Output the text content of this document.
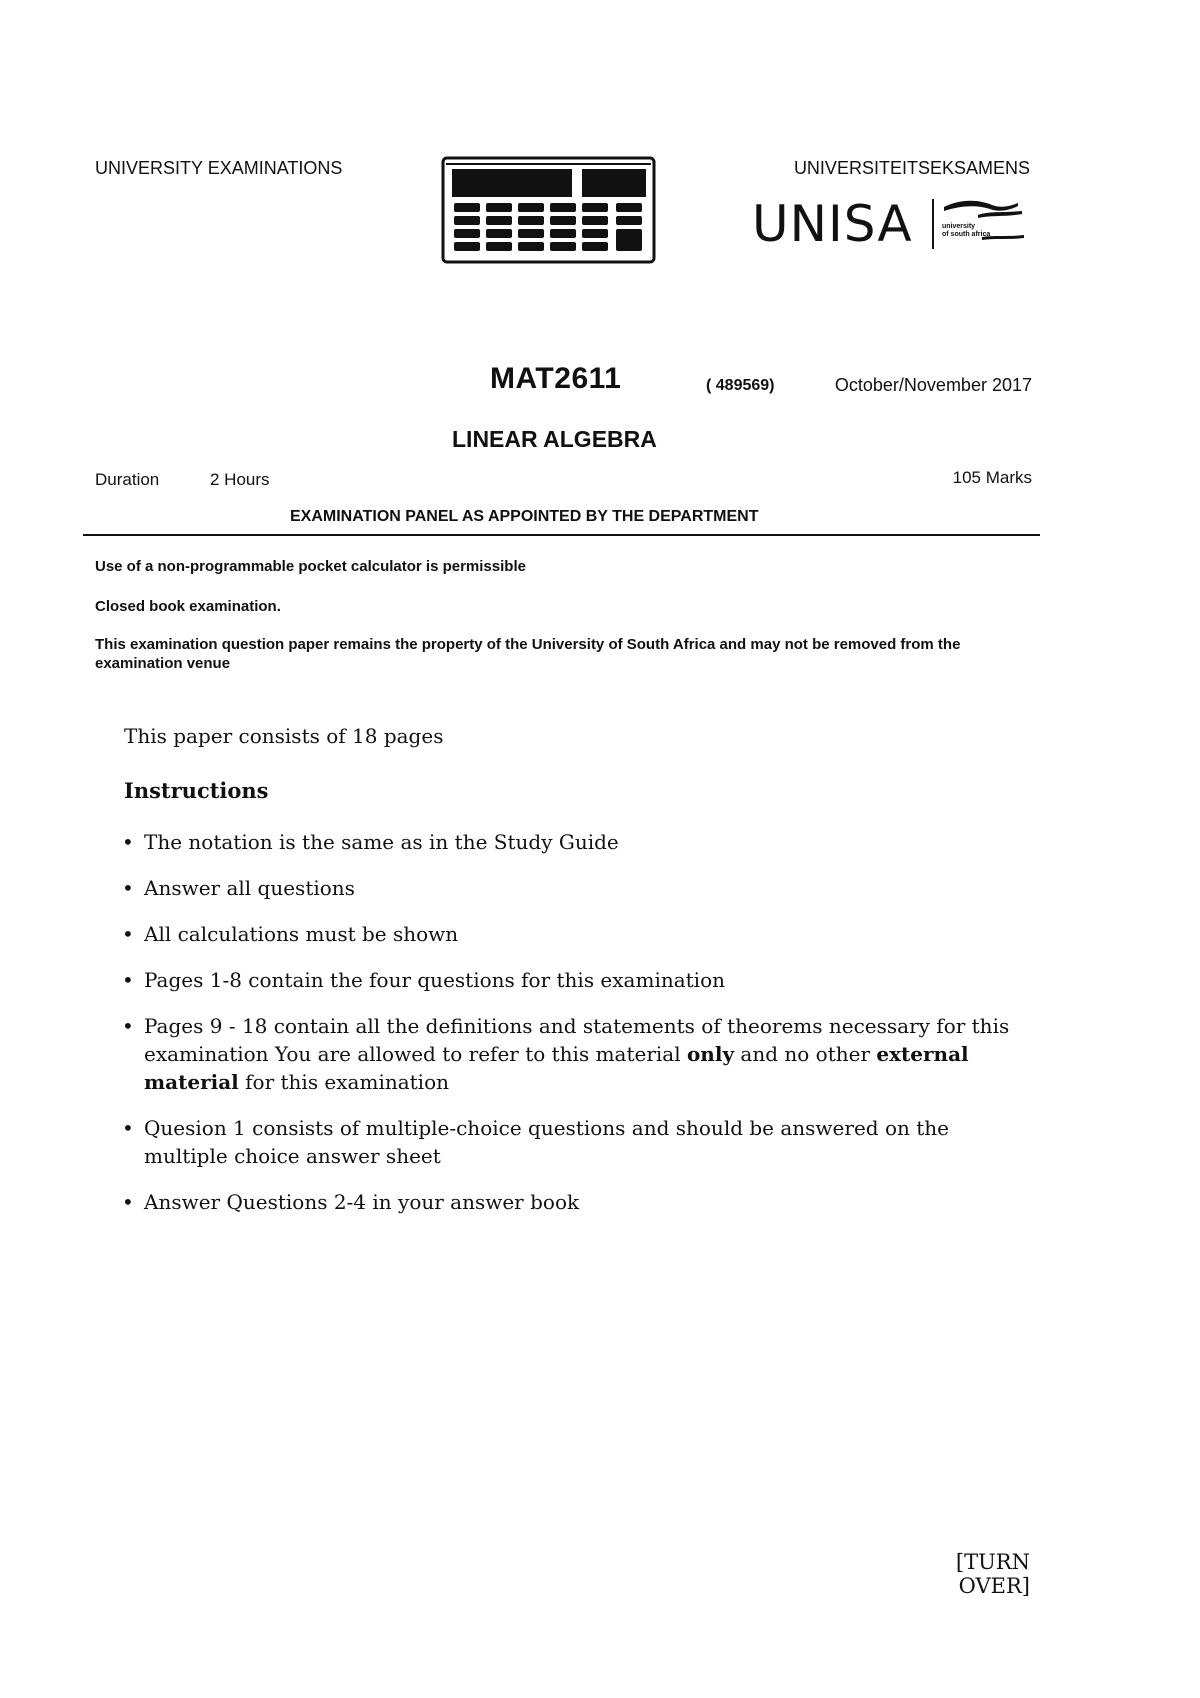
UNIVERSITY EXAMINATIONS	UNIVERSITEITSEKSAMENS
UNISA	university
of south africa
MAT2611	( 489569)	October/November 2017
LINEAR ALGEBRA
Duration	2 Hours	105 Marks
EXAMINATION PANEL AS APPOINTED BY THE DEPARTMENT
Use of a non-programmable pocket calculator is permissible
Closed book examination.
This examination question paper remains the property of the University of South Africa and may not be removed from the examination venue
This paper consists of 18 pages
Instructions
• The notation is the same as in the Study Guide
• Answer all questions
• All calculations must be shown
• Pages 1-8 contain the four questions for this examination
• Pages 9 - 18 contain all the definitions and statements of theorems necessary for this examination You are allowed to refer to this material only and no other external material for this examination
• Quesion 1 consists of multiple-choice questions and should be answered on the multiple choice answer sheet
• Answer Questions 2-4 in your answer book
[TURN OVER]
